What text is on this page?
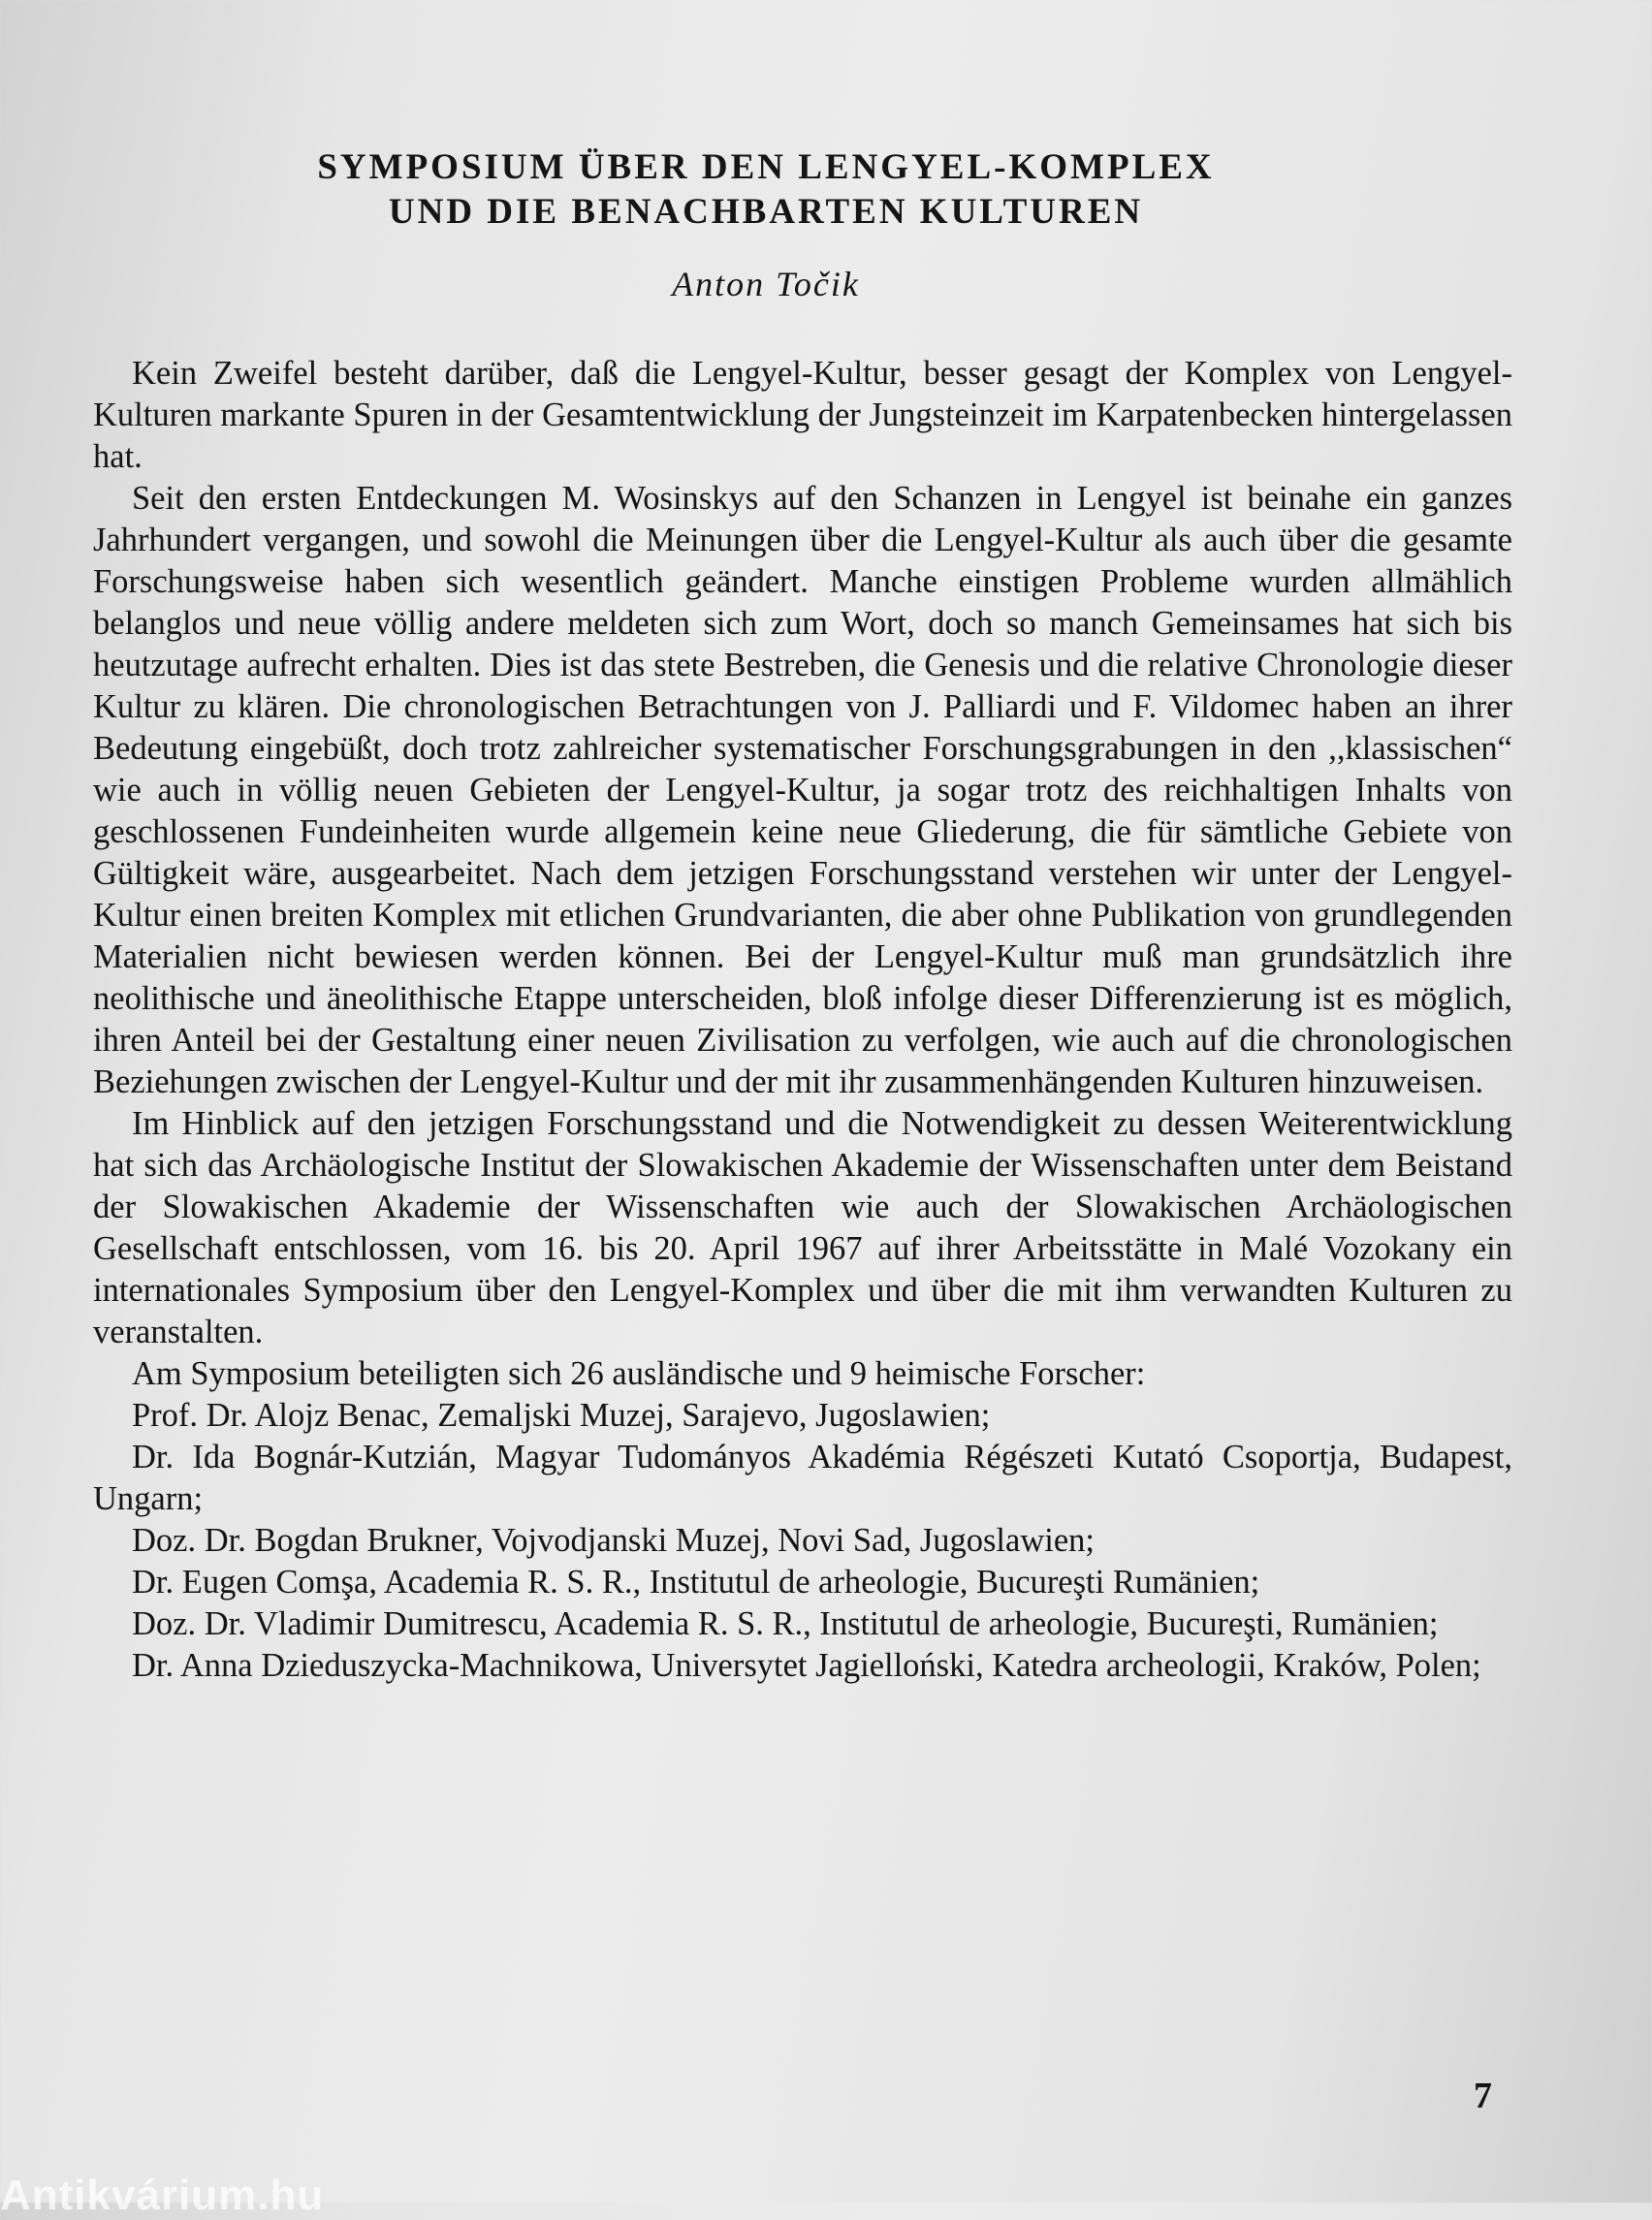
SYMPOSIUM ÜBER DEN LENGYEL-KOMPLEX
UND DIE BENACHBARTEN KULTUREN
Anton Točik

Kein Zweifel besteht darüber, daß die Lengyel-Kultur, besser gesagt der Komplex von Lengyel-Kulturen markante Spuren in der Gesamtentwicklung der Jungsteinzeit im Karpatenbecken hintergelassen hat.

Seit den ersten Entdeckungen M. Wosinskys auf den Schanzen in Lengyel ist beinahe ein ganzes Jahrhundert vergangen, und sowohl die Meinungen über die Lengyel-Kultur als auch über die gesamte Forschungsweise haben sich wesentlich geändert. Manche einstigen Probleme wurden allmählich belanglos und neue völlig andere meldeten sich zum Wort, doch so manch Gemeinsames hat sich bis heutzutage aufrecht erhalten. Dies ist das stete Bestreben, die Genesis und die relative Chronologie dieser Kultur zu klären. Die chronologischen Betrachtungen von J. Palliardi und F. Vildomec haben an ihrer Bedeutung eingebüßt, doch trotz zahlreicher systematischer Forschungsgrabungen in den ,,klassischen“ wie auch in völlig neuen Gebieten der Lengyel-Kultur, ja sogar trotz des reichhaltigen Inhalts von geschlossenen Fundeinheiten wurde allgemein keine neue Gliederung, die für sämtliche Gebiete von Gültigkeit wäre, ausgearbeitet. Nach dem jetzigen Forschungsstand verstehen wir unter der Lengyel-Kultur einen breiten Komplex mit etlichen Grundvarianten, die aber ohne Publikation von grundlegenden Materialien nicht bewiesen werden können. Bei der Lengyel-Kultur muß man grundsätzlich ihre neolithische und äneolithische Etappe unterscheiden, bloß infolge dieser Differenzierung ist es möglich, ihren Anteil bei der Gestaltung einer neuen Zivilisation zu verfolgen, wie auch auf die chronologischen Beziehungen zwischen der Lengyel-Kultur und der mit ihr zusammenhängenden Kulturen hinzuweisen.

Im Hinblick auf den jetzigen Forschungsstand und die Notwendigkeit zu dessen Weiterentwicklung hat sich das Archäologische Institut der Slowakischen Akademie der Wissenschaften unter dem Beistand der Slowakischen Akademie der Wissenschaften wie auch der Slowakischen Archäologischen Gesellschaft entschlossen, vom 16. bis 20. April 1967 auf ihrer Arbeitsstätte in Malé Vozokany ein internationales Symposium über den Lengyel-Komplex und über die mit ihm verwandten Kulturen zu veranstalten.

Am Symposium beteiligten sich 26 ausländische und 9 heimische Forscher:

Prof. Dr. Alojz Benac, Zemaljski Muzej, Sarajevo, Jugoslawien;

Dr. Ida Bognár-Kutzián, Magyar Tudományos Akadémia Régészeti Kutató Csoportja, Budapest, Ungarn;

Doz. Dr. Bogdan Brukner, Vojvodjanski Muzej, Novi Sad, Jugoslawien;

Dr. Eugen Comşa, Academia R. S. R., Institutul de arheologie, Bucureşti Rumänien;

Doz. Dr. Vladimir Dumitrescu, Academia R. S. R., Institutul de arheologie, Bucureşti, Rumänien;

Dr. Anna Dzieduszycka-Machnikowa, Universytet Jagielloński, Katedra archeologii, Kraków, Polen;

7
Antikvárium.hu
